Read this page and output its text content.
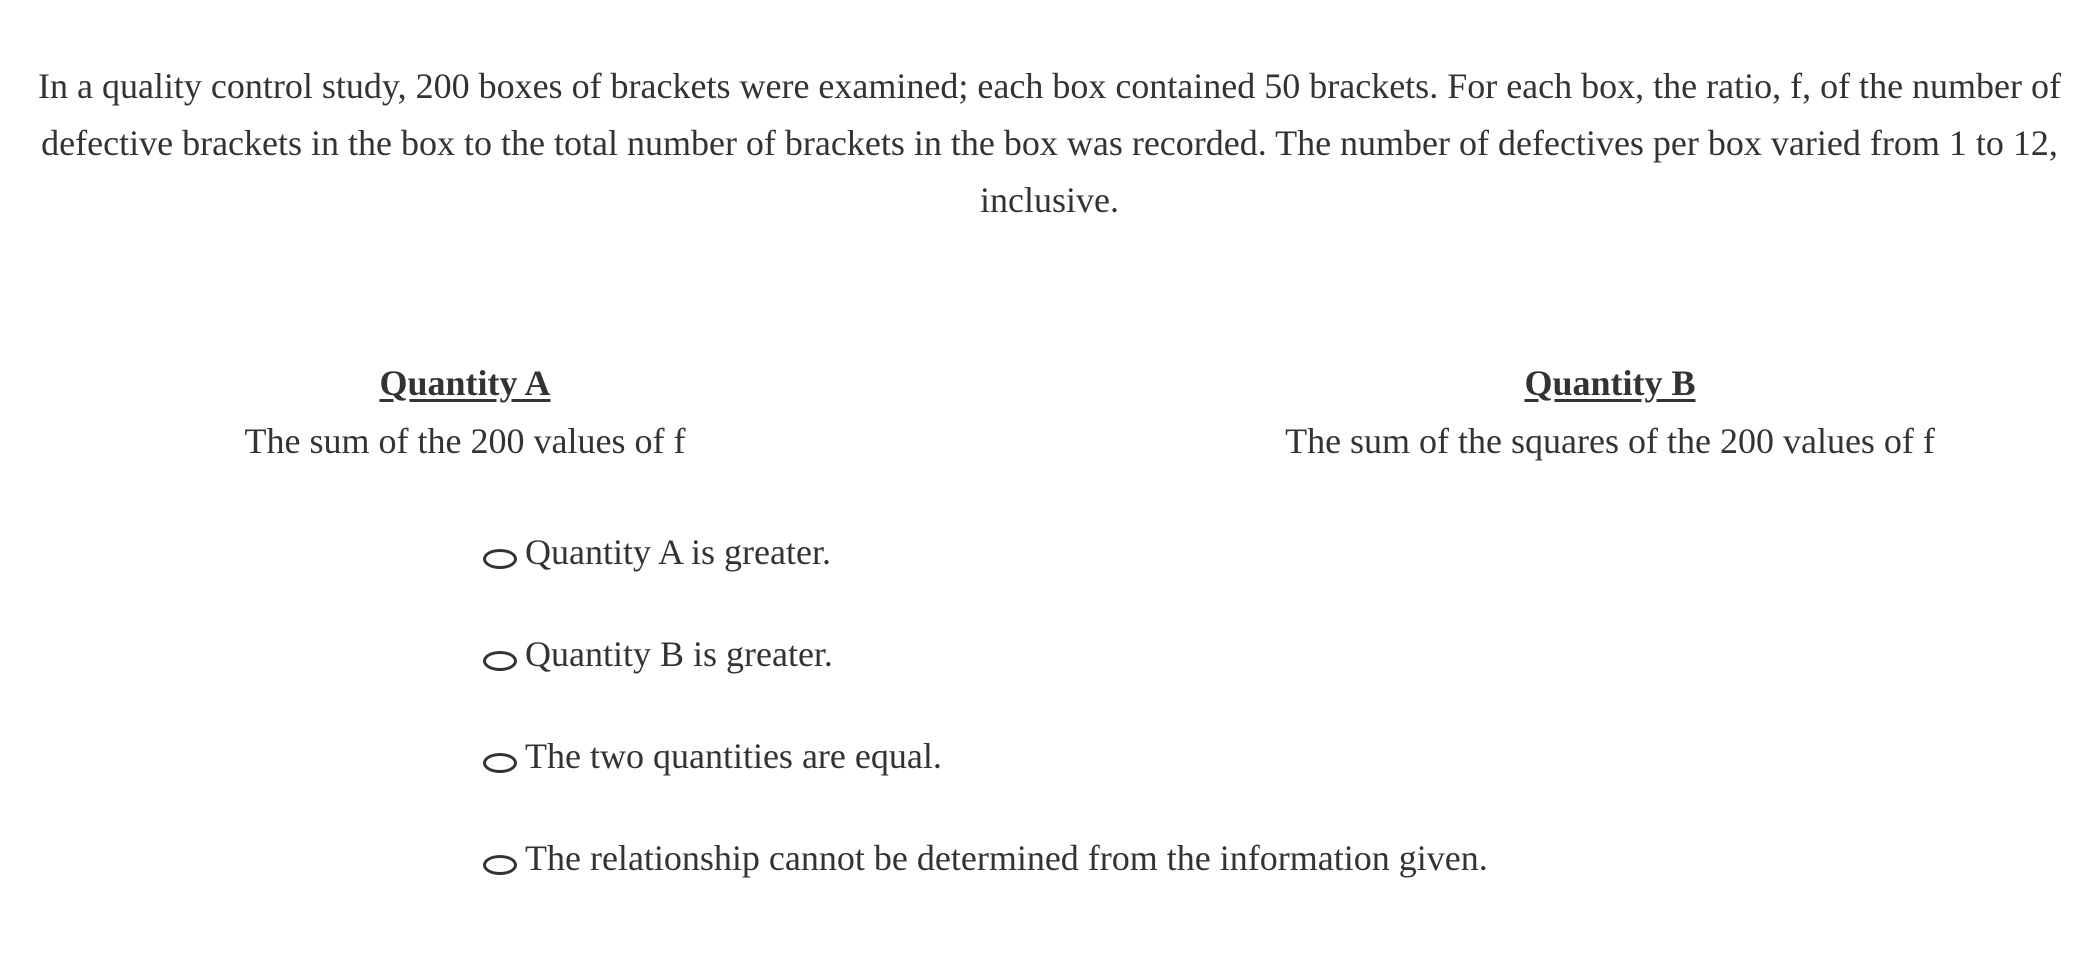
In a quality control study, 200 boxes of brackets were examined; each box contained 50 brackets. For each box, the ratio, f, of the number of defective brackets in the box to the total number of brackets in the box was recorded. The number of defectives per box varied from 1 to 12, inclusive.
Quantity A
The sum of the 200 values of f
Quantity B
The sum of the squares of the 200 values of f
Quantity A is greater.
Quantity B is greater.
The two quantities are equal.
The relationship cannot be determined from the information given.
